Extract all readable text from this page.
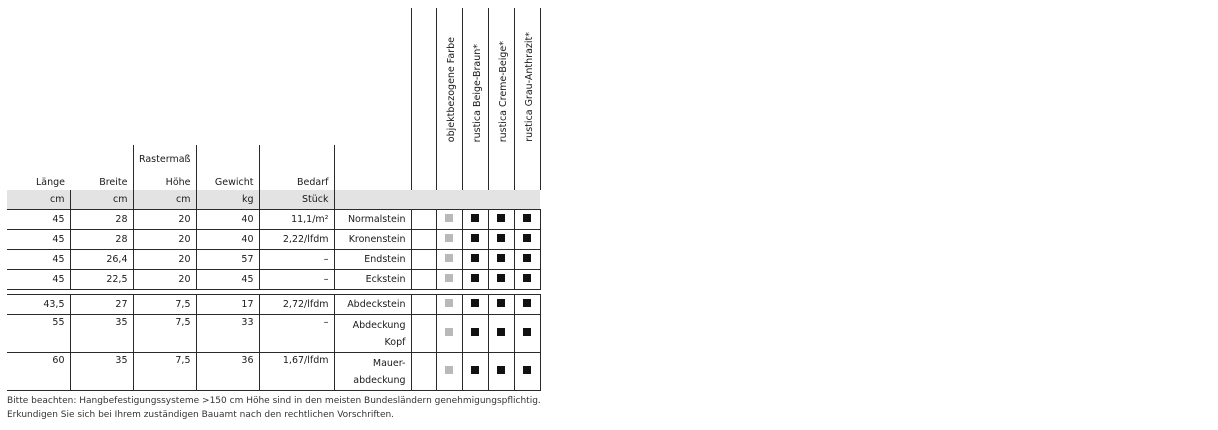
							objektbezogene Farbe	rustica Beige-Braun*	rustica Creme-Beige*	rustica Grau-Anthrazit*
		Rastermaß								
Länge	Breite	Höhe	Gewicht	Bedarf						
cm	cm	cm	kg	Stück						
45	28	20	40	11,1/m²	Normalstein					

45	28	20	40	2,22/lfdm	Kronenstein					

45	26,4	20	57	–	Endstein					

45	22,5	20	45	–	Eckstein					

43,5	27	7,5	17	2,72/lfdm	Abdeckstein					

55	35	7,5	33	–	Abdeckung
Kopf					

60	35	7,5	36	1,67/lfdm	Mauer-
abdeckung					

Bitte beachten: Hangbefestigungssysteme >150 cm Höhe sind in den meisten Bundesländern genehmigungspflichtig.
Erkundigen Sie sich bei Ihrem zuständigen Bauamt nach den rechtlichen Vorschriften.
